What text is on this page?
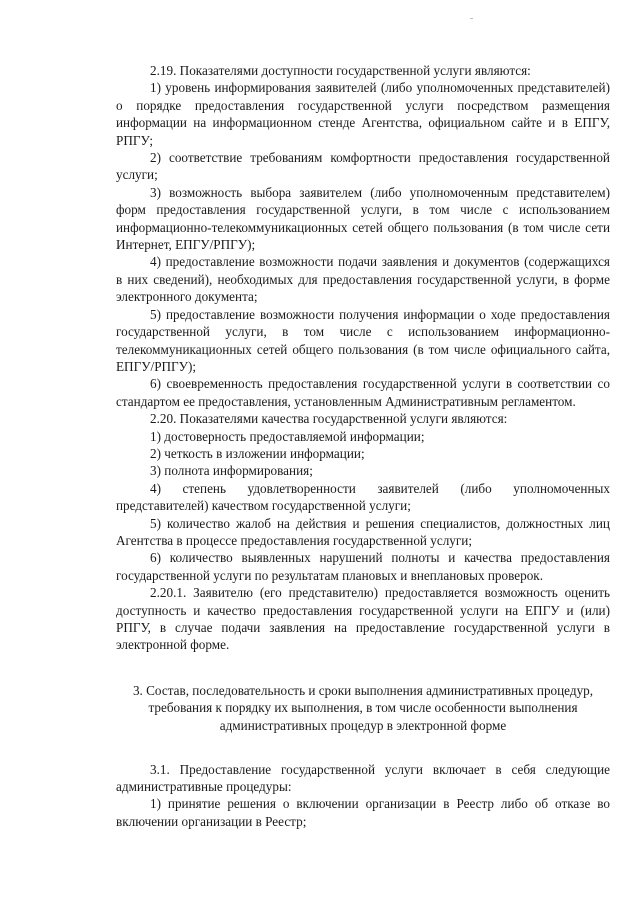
2.19. Показателями доступности государственной услуги являются:

1) уровень информирования заявителей (либо уполномоченных представителей) о порядке предоставления государственной услуги посредством размещения информации на информационном стенде Агентства, официальном сайте и в ЕПГУ, РПГУ;

2) соответствие требованиям комфортности предоставления государственной услуги;

3) возможность выбора заявителем (либо уполномоченным представителем) форм предоставления государственной услуги, в том числе с использованием информационно-телекоммуникационных сетей общего пользования (в том числе сети Интернет, ЕПГУ/РПГУ);

4) предоставление возможности подачи заявления и документов (содержащихся в них сведений), необходимых для предоставления государственной услуги, в форме электронного документа;

5) предоставление возможности получения информации о ходе предоставления государственной услуги, в том числе с использованием информационно-телекоммуникационных сетей общего пользования (в том числе официального сайта, ЕПГУ/РПГУ);

6) своевременность предоставления государственной услуги в соответствии со стандартом ее предоставления, установленным Административным регламентом.

2.20. Показателями качества государственной услуги являются:

1) достоверность предоставляемой информации;

2) четкость в изложении информации;

3) полнота информирования;

4) степень удовлетворенности заявителей (либо уполномоченных представителей) качеством государственной услуги;

5) количество жалоб на действия и решения специалистов, должностных лиц Агентства в процессе предоставления государственной услуги;

6) количество выявленных нарушений полноты и качества предоставления государственной услуги по результатам плановых и внеплановых проверок.

2.20.1. Заявителю (его представителю) предоставляется возможность оценить доступность и качество предоставления государственной услуги на ЕПГУ и (или) РПГУ, в случае подачи заявления на предоставление государственной услуги в электронной форме.

3. Состав, последовательность и сроки выполнения административных процедур, требования к порядку их выполнения, в том числе особенности выполнения административных процедур в электронной форме

3.1. Предоставление государственной услуги включает в себя следующие административные процедуры:

1) принятие решения о включении организации в Реестр либо об отказе во включении организации в Реестр;
